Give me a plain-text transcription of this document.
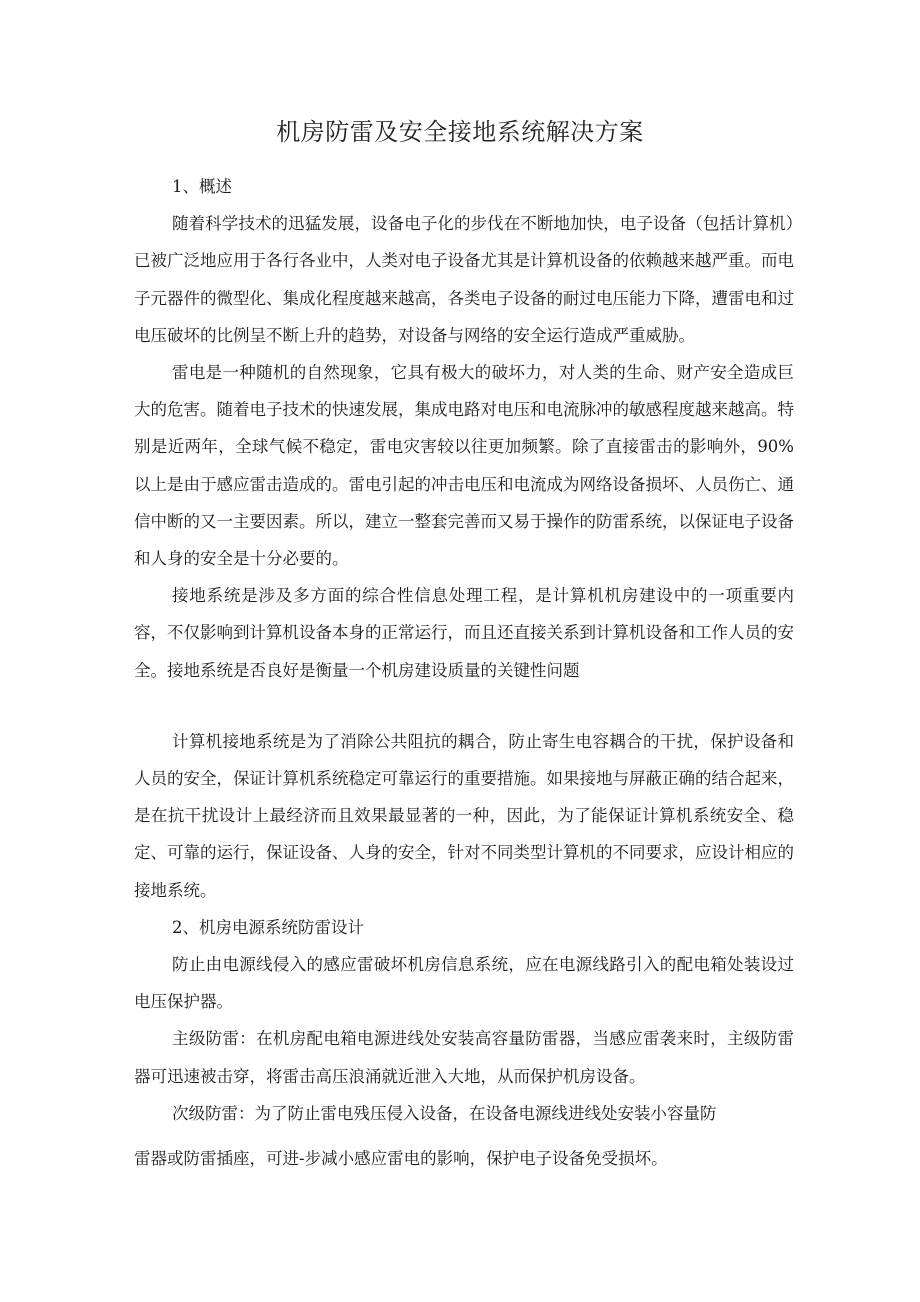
机房防雷及安全接地系统解决方案

1、概述

随着科学技术的迅猛发展，设备电子化的步伐在不断地加快，电子设备（包括计算机）已被广泛地应用于各行各业中，人类对电子设备尤其是计算机设备的依赖越来越严重。而电子元器件的微型化、集成化程度越来越高，各类电子设备的耐过电压能力下降，遭雷电和过电压破坏的比例呈不断上升的趋势，对设备与网络的安全运行造成严重威胁。

雷电是一种随机的自然现象，它具有极大的破坏力，对人类的生命、财产安全造成巨大的危害。随着电子技术的快速发展，集成电路对电压和电流脉冲的敏感程度越来越高。特别是近两年，全球气候不稳定，雷电灾害较以往更加频繁。除了直接雷击的影响外，90%以上是由于感应雷击造成的。雷电引起的冲击电压和电流成为网络设备损坏、人员伤亡、通信中断的又一主要因素。所以，建立一整套完善而又易于操作的防雷系统，以保证电子设备和人身的安全是十分必要的。

接地系统是涉及多方面的综合性信息处理工程，是计算机机房建设中的一项重要内容，不仅影响到计算机设备本身的正常运行，而且还直接关系到计算机设备和工作人员的安全。接地系统是否良好是衡量一个机房建设质量的关键性问题

计算机接地系统是为了消除公共阻抗的耦合，防止寄生电容耦合的干扰，保护设备和人员的安全，保证计算机系统稳定可靠运行的重要措施。如果接地与屏蔽正确的结合起来，是在抗干扰设计上最经济而且效果最显著的一种，因此，为了能保证计算机系统安全、稳定、可靠的运行，保证设备、人身的安全，针对不同类型计算机的不同要求，应设计相应的接地系统。

2、机房电源系统防雷设计

防止由电源线侵入的感应雷破坏机房信息系统，应在电源线路引入的配电箱处装设过电压保护器。

主级防雷：在机房配电箱电源进线处安装高容量防雷器，当感应雷袭来时，主级防雷器可迅速被击穿，将雷击高压浪涌就近泄入大地，从而保护机房设备。

次级防雷：为了防止雷电残压侵入设备，在设备电源线进线处安装小容量防

雷器或防雷插座，可进-步减小感应雷电的影响，保护电子设备免受损坏。
